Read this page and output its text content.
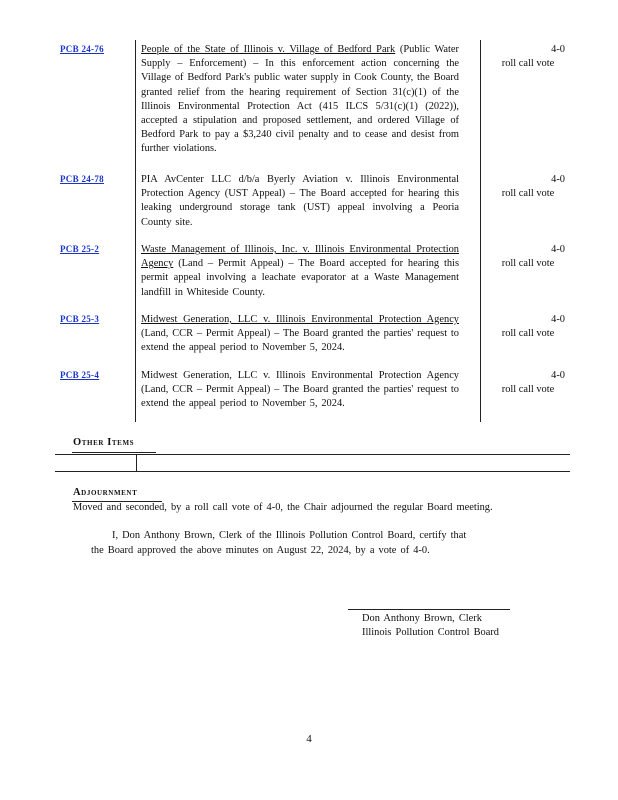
PCB 24-76	People of the State of Illinois v. Village of Bedford Park (Public Water Supply – Enforcement) – In this enforcement action concerning the Village of Bedford Park's public water supply in Cook County, the Board granted relief from the hearing requirement of Section 31(c)(1) of the Illinois Environmental Protection Act (415 ILCS 5/31(c)(1) (2022)), accepted a stipulation and proposed settlement, and ordered Village of Bedford Park to pay a $3,240 civil penalty and to cease and desist from further violations.
4-0
roll call vote
PCB 24-78	PIA AvCenter LLC d/b/a Byerly Aviation v. Illinois Environmental Protection Agency (UST Appeal) – The Board accepted for hearing this leaking underground storage tank (UST) appeal involving a Peoria County site.
4-0
roll call vote
PCB 25-2	Waste Management of Illinois, Inc. v. Illinois Environmental Protection Agency (Land – Permit Appeal) – The Board accepted for hearing this permit appeal involving a leachate evaporator at a Waste Management landfill in Whiteside County.
4-0
roll call vote
PCB 25-3	Midwest Generation, LLC v. Illinois Environmental Protection Agency (Land, CCR – Permit Appeal) – The Board granted the parties' request to extend the appeal period to November 5, 2024.
4-0
roll call vote
PCB 25-4	Midwest Generation, LLC v. Illinois Environmental Protection Agency (Land, CCR – Permit Appeal) – The Board granted the parties' request to extend the appeal period to November 5, 2024.
4-0
roll call vote
Other Items
Adjournment
Moved and seconded, by a roll call vote of 4-0, the Chair adjourned the regular Board meeting.
I, Don Anthony Brown, Clerk of the Illinois Pollution Control Board, certify that
the Board approved the above minutes on August 22, 2024, by a vote of 4-0.
Don Anthony Brown, Clerk
Illinois Pollution Control Board
4
